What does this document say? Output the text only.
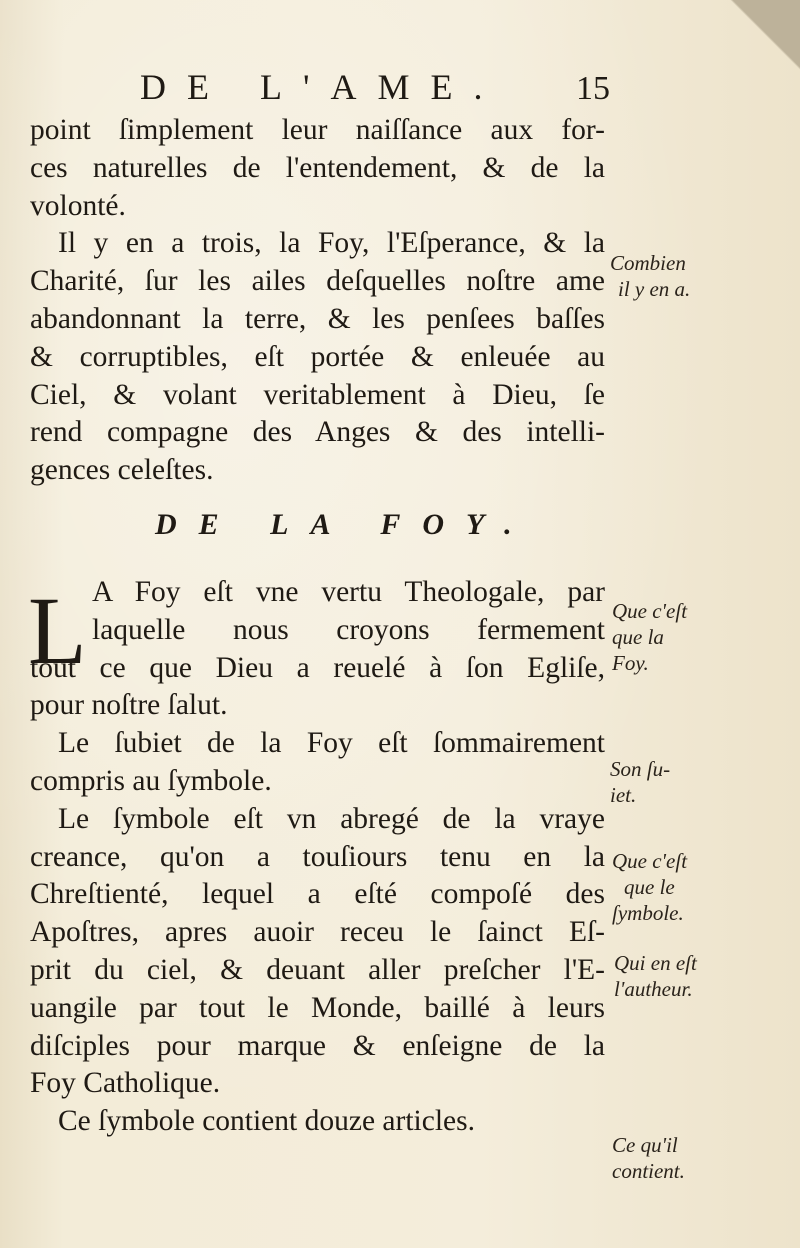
DE L'AME. 15
point ſimplement leur naiſſance aux for-
ces naturelles de l'entendement, & de la
volonté.
Il y en a trois, la Foy, l'Eſperance, & la
Charité, ſur les ailes deſquelles noſtre ame
abandonnant la terre, & les penſees baſſes
& corruptibles, eſt portée & enleuée au
Ciel, & volant veritablement à Dieu, ſe
rend compagne des Anges & des intelli-
gences celeſtes.
A Foy eſt vne vertu Theologale, par
laquelle nous croyons fermement
tout ce que Dieu a reuelé à ſon Egliſe,
pour noſtre ſalut.
Le ſubiet de la Foy eſt ſommairement
compris au ſymbole.
Le ſymbole eſt vn abregé de la vraye
creance, qu'on a touſiours tenu en la
Chreſtienté, lequel a eſté compoſé des
Apoſtres, apres auoir receu le ſainct Eſ-
prit du ciel, & deuant aller preſcher l'E-
uangile par tout le Monde, baillé à leurs
diſciples pour marque & enſeigne de la
Foy Catholique.
Ce ſymbole contient douze articles.
DE LA FOY.
L
Combien
il y en a.
Que c'eſt
que la
Foy.
Son ſu-
iet.
Que c'eſt
que le
ſymbole.
Qui en eſt
l'autheur.
Ce qu'il
contient.
